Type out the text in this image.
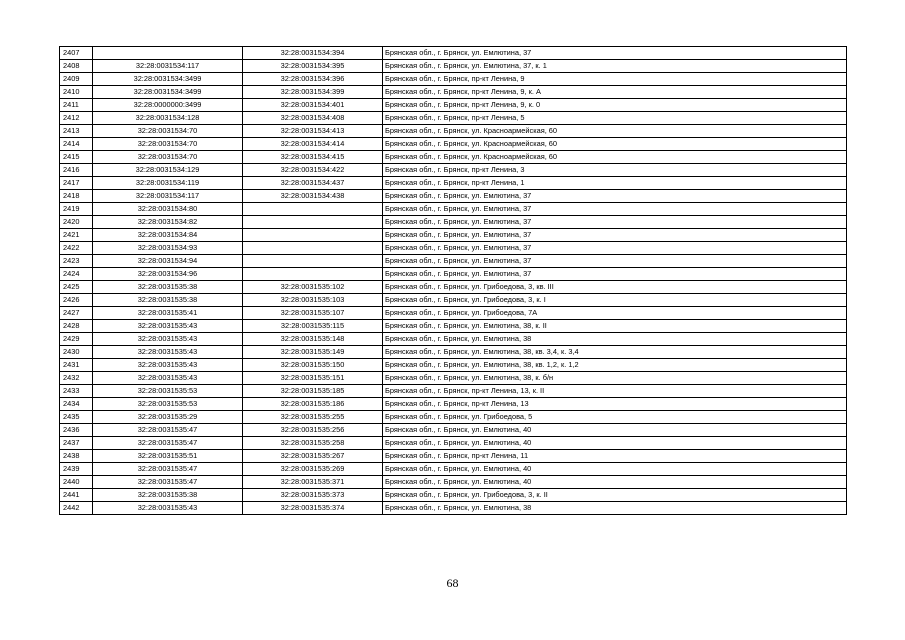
2407		32:28:0031534:394	Брянская обл., г. Брянск, ул. Емлютина, 37
2408	32:28:0031534:117	32:28:0031534:395	Брянская обл., г. Брянск, ул. Емлютина, 37, к. 1
2409	32:28:0031534:3499	32:28:0031534:396	Брянская обл., г. Брянск, пр-кт Ленина, 9
2410	32:28:0031534:3499	32:28:0031534:399	Брянская обл., г. Брянск, пр-кт Ленина, 9, к. А
2411	32:28:0000000:3499	32:28:0031534:401	Брянская обл., г. Брянск, пр-кт Ленина, 9, к. 0
2412	32:28:0031534:128	32:28:0031534:408	Брянская обл., г. Брянск, пр-кт Ленина, 5
2413	32:28:0031534:70	32:28:0031534:413	Брянская обл., г. Брянск, ул. Красноармейская, 60
2414	32:28:0031534:70	32:28:0031534:414	Брянская обл., г. Брянск, ул. Красноармейская, 60
2415	32:28:0031534:70	32:28:0031534:415	Брянская обл., г. Брянск, ул. Красноармейская, 60
2416	32:28:0031534:129	32:28:0031534:422	Брянская обл., г. Брянск, пр-кт Ленина, 3
2417	32:28:0031534:119	32:28:0031534:437	Брянская обл., г. Брянск, пр-кт Ленина, 1
2418	32:28:0031534:117	32:28:0031534:438	Брянская обл., г. Брянск, ул. Емлютина, 37
2419	32:28:0031534:80		Брянская обл., г. Брянск, ул. Емлютина, 37
2420	32:28:0031534:82		Брянская обл., г. Брянск, ул. Емлютина, 37
2421	32:28:0031534:84		Брянская обл., г. Брянск, ул. Емлютина, 37
2422	32:28:0031534:93		Брянская обл., г. Брянск, ул. Емлютина, 37
2423	32:28:0031534:94		Брянская обл., г. Брянск, ул. Емлютина, 37
2424	32:28:0031534:96		Брянская обл., г. Брянск, ул. Емлютина, 37
2425	32:28:0031535:38	32:28:0031535:102	Брянская обл., г. Брянск, ул. Грибоедова, 3, кв. III
2426	32:28:0031535:38	32:28:0031535:103	Брянская обл., г. Брянск, ул. Грибоедова, 3, к. I
2427	32:28:0031535:41	32:28:0031535:107	Брянская обл., г. Брянск, ул. Грибоедова, 7А
2428	32:28:0031535:43	32:28:0031535:115	Брянская обл., г. Брянск, ул. Емлютина, 38, к. II
2429	32:28:0031535:43	32:28:0031535:148	Брянская обл., г. Брянск, ул. Емлютина, 38
2430	32:28:0031535:43	32:28:0031535:149	Брянская обл., г. Брянск, ул. Емлютина, 38, кв. 3,4, к. 3,4
2431	32:28:0031535:43	32:28:0031535:150	Брянская обл., г. Брянск, ул. Емлютина, 38, кв. 1,2, к. 1,2
2432	32:28:0031535:43	32:28:0031535:151	Брянская обл., г. Брянск, ул. Емлютина, 38, к. б/н
2433	32:28:0031535:53	32:28:0031535:185	Брянская обл., г. Брянск, пр-кт Ленина, 13, к. II
2434	32:28:0031535:53	32:28:0031535:186	Брянская обл., г. Брянск, пр-кт Ленина, 13
2435	32:28:0031535:29	32:28:0031535:255	Брянская обл., г. Брянск, ул. Грибоедова, 5
2436	32:28:0031535:47	32:28:0031535:256	Брянская обл., г. Брянск, ул. Емлютина, 40
2437	32:28:0031535:47	32:28:0031535:258	Брянская обл., г. Брянск, ул. Емлютина, 40
2438	32:28:0031535:51	32:28:0031535:267	Брянская обл., г. Брянск, пр-кт Ленина, 11
2439	32:28:0031535:47	32:28:0031535:269	Брянская обл., г. Брянск, ул. Емлютина, 40
2440	32:28:0031535:47	32:28:0031535:371	Брянская обл., г. Брянск, ул. Емлютина, 40
2441	32:28:0031535:38	32:28:0031535:373	Брянская обл., г. Брянск, ул. Грибоедова, 3, к. II
2442	32:28:0031535:43	32:28:0031535:374	Брянская обл., г. Брянск, ул. Емлютина, 38
68
